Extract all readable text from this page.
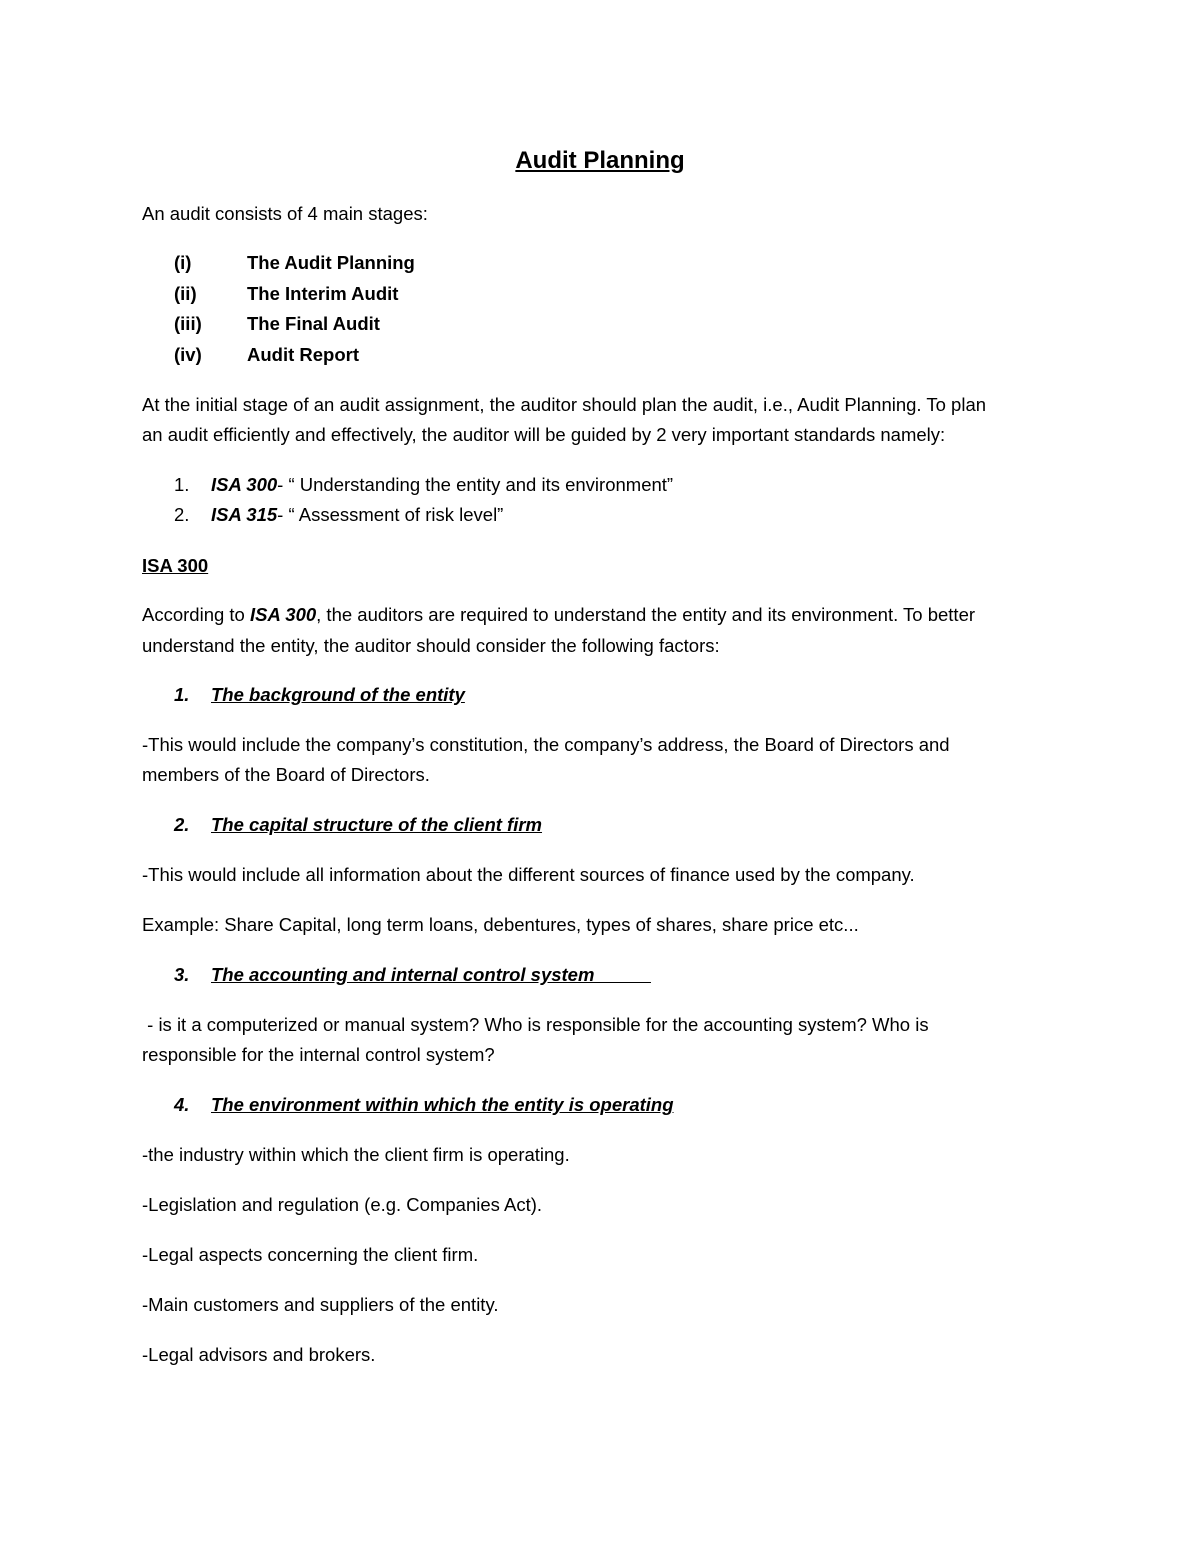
Audit Planning
An audit consists of 4 main stages:
(i)	The Audit Planning
(ii)	The Interim Audit
(iii) The Final Audit
(iv) Audit Report
At the initial stage of an audit assignment, the auditor should plan the audit, i.e., Audit Planning. To plan
an audit efficiently and effectively, the auditor will be guided by 2 very important standards namely:
1. ISA 300- “ Understanding the entity and its environment”
2. ISA 315- “ Assessment of risk level”
ISA 300
According to ISA 300, the auditors are required to understand the entity and its environment. To better
understand the entity, the auditor should consider the following factors:
1. The background of the entity
-This would include the company’s constitution, the company’s address, the Board of Directors and
members of the Board of Directors.
2. The capital structure of the client firm
-This would include all information about the different sources of finance used by the company.
Example: Share Capital, long term loans, debentures, types of shares, share price etc...
3. The accounting and internal control system
- is it a computerized or manual system? Who is responsible for the accounting system? Who is
responsible for the internal control system?
4. The environment within which the entity is operating
-the industry within which the client firm is operating.
-Legislation and regulation (e.g. Companies Act).
-Legal aspects concerning the client firm.
-Main customers and suppliers of the entity.
-Legal advisors and brokers.
